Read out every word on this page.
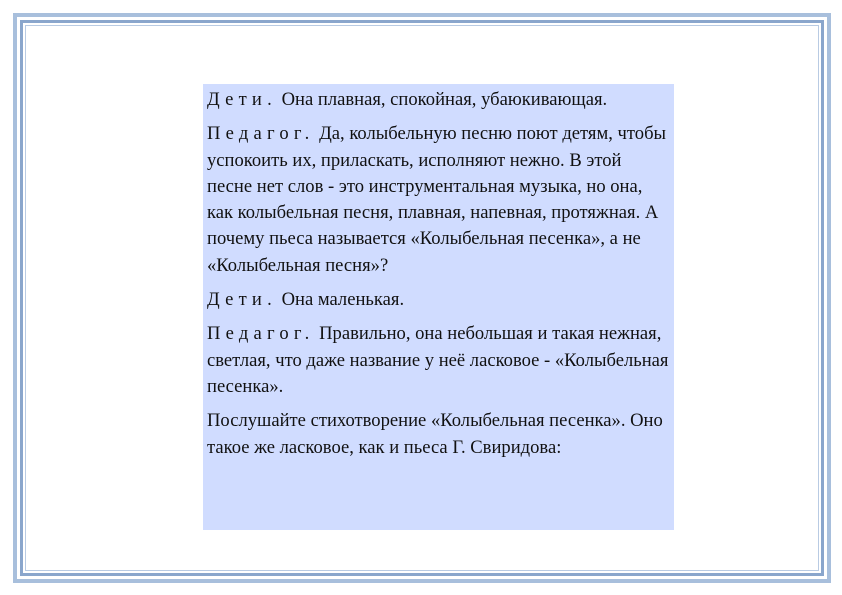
Дети. Она плавная, спокойная, убаюкивающая.

Педагог. Да, колыбельную песню поют детям, чтобы успокоить их, приласкать, исполняют нежно. В этой песне нет слов - это инструментальная музыка, но она, как колыбельная песня, плавная, напевная, протяжная. А почему пьеса называется «Колыбельная песенка», а не «Колыбельная песня»?

Дети. Она маленькая.

Педагог. Правильно, она небольшая и такая нежная, светлая, что даже название у неё ласковое - «Колыбельная песенка».

Послушайте стихотворение «Колыбельная песенка». Оно такое же ласковое, как и пьеса Г. Свиридова:
